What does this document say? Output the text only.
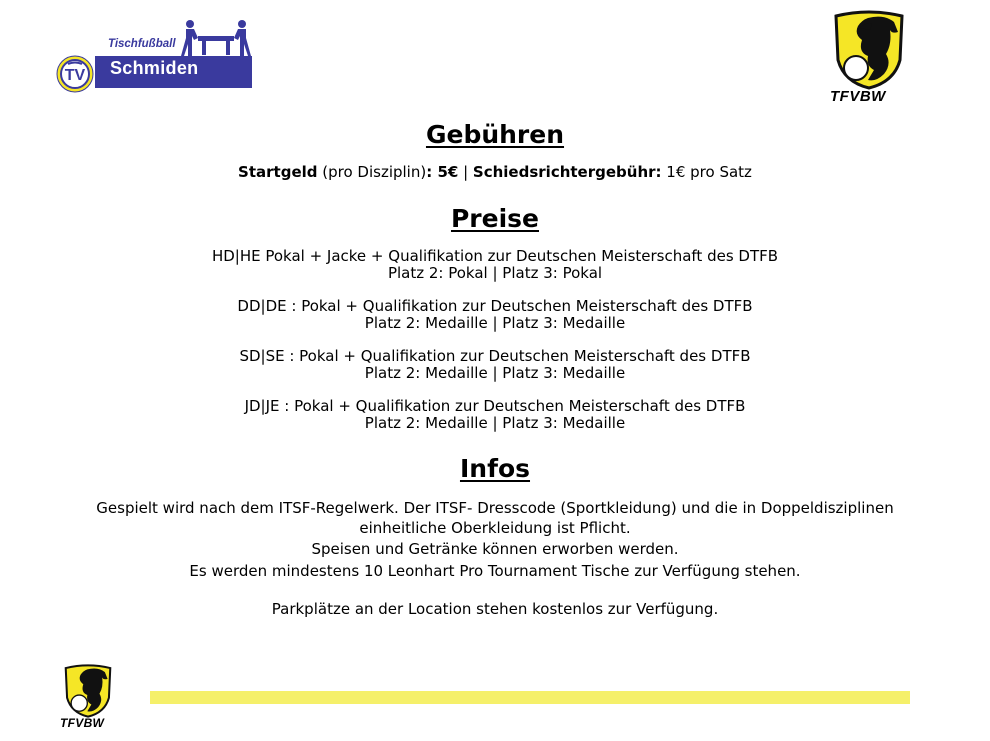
Tischfußball
Schmiden
TV
TFVBW
Gebühren
Startgeld (pro Disziplin): 5€ | Schiedsrichtergebühr: 1€ pro Satz
Preise
HD|HE Pokal + Jacke + Qualifikation zur Deutschen Meisterschaft des DTFB
Platz 2: Pokal | Platz 3: Pokal
DD|DE : Pokal + Qualifikation zur Deutschen Meisterschaft des DTFB
Platz 2: Medaille | Platz 3: Medaille
SD|SE : Pokal + Qualifikation zur Deutschen Meisterschaft des DTFB
Platz 2: Medaille | Platz 3: Medaille
JD|JE : Pokal + Qualifikation zur Deutschen Meisterschaft des DTFB
Platz 2: Medaille | Platz 3: Medaille
Infos
Gespielt wird nach dem ITSF-Regelwerk. Der ITSF- Dresscode (Sportkleidung) und die in Doppeldisziplinen
einheitliche Oberkleidung ist Pflicht.
Speisen und Getränke können erworben werden.
Es werden mindestens 10 Leonhart Pro Tournament Tische zur Verfügung stehen.
Parkplätze an der Location stehen kostenlos zur Verfügung.
TFVBW
